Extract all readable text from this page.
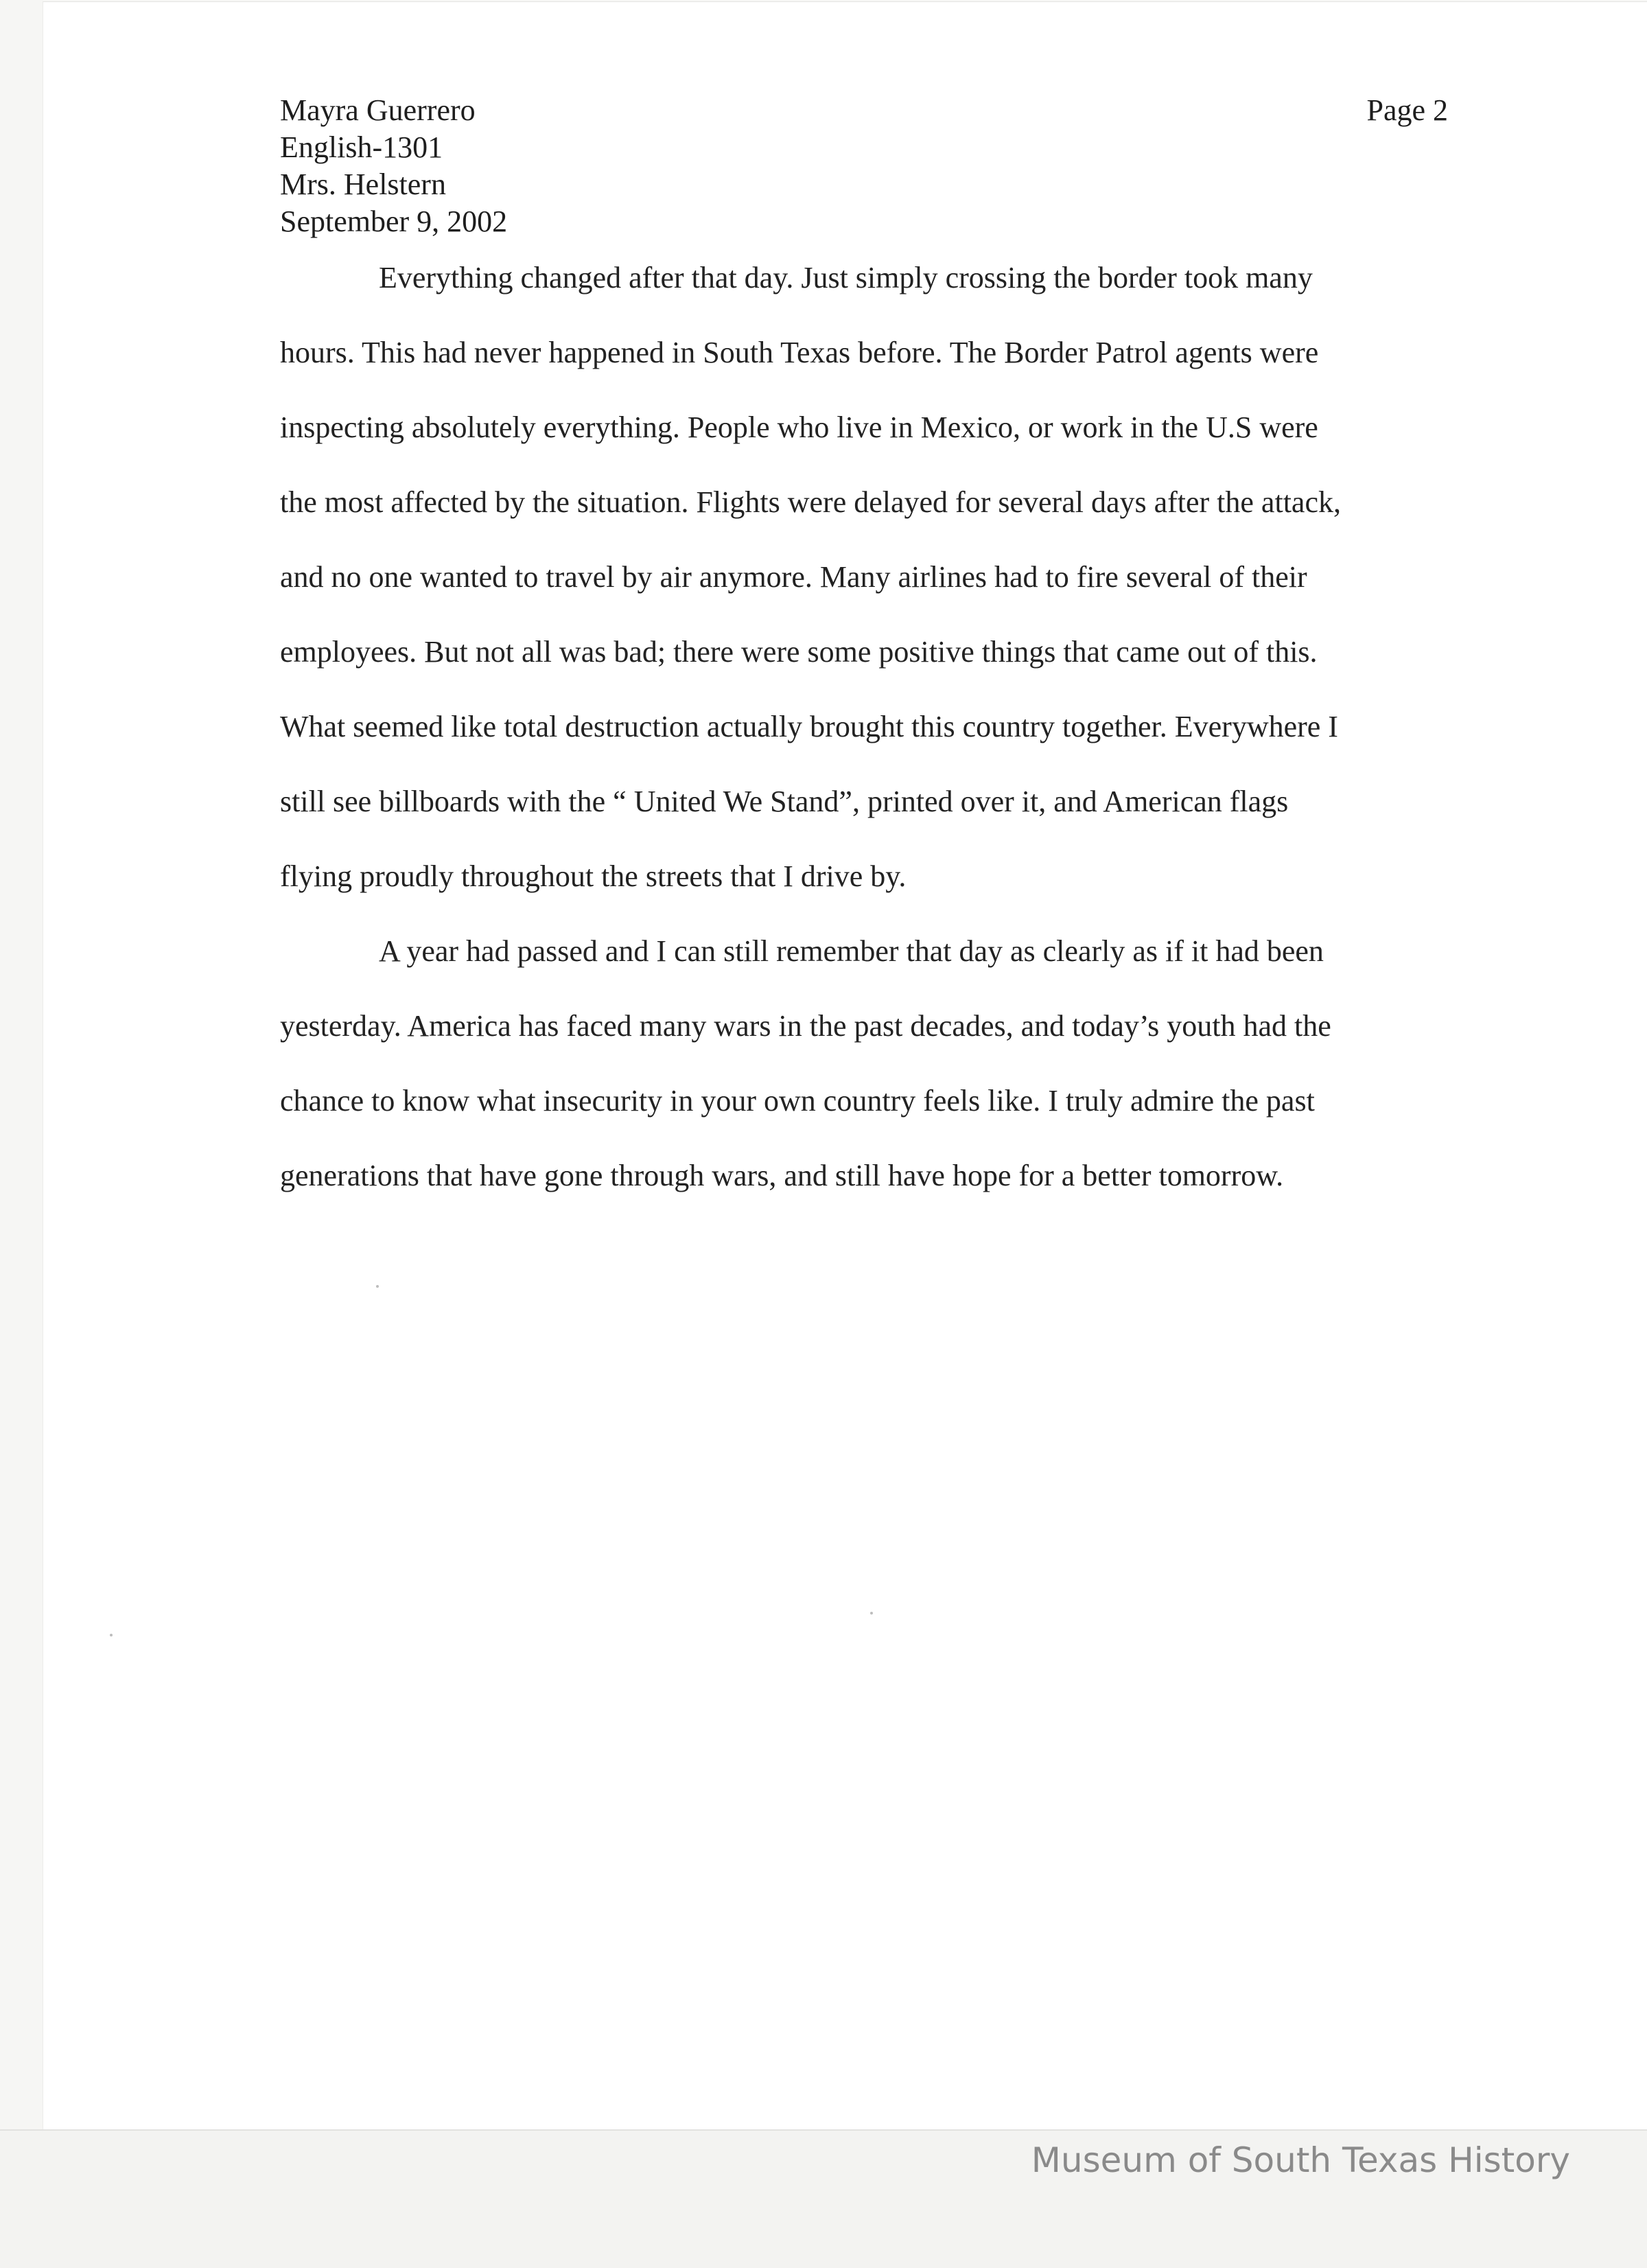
Mayra Guerrero
English-1301
Mrs. Helstern
September 9, 2002
Page 2
Everything changed after that day. Just simply crossing the border took many
hours. This had never happened in South Texas before. The Border Patrol agents were
inspecting absolutely everything. People who live in Mexico, or work in the U.S were
the most affected by the situation. Flights were delayed for several days after the attack,
and no one wanted to travel by air anymore. Many airlines had to fire several of their
employees. But not all was bad; there were some positive things that came out of this.
What seemed like total destruction actually brought this country together. Everywhere I
still see billboards with the “ United We Stand”, printed over it, and American flags
flying proudly throughout the streets that I drive by.
A year had passed and I can still remember that day as clearly as if it had been
yesterday. America has faced many wars in the past decades, and today’s youth had the
chance to know what insecurity in your own country feels like. I truly admire the past
generations that have gone through wars, and still have hope for a better tomorrow.
Museum of South Texas History
